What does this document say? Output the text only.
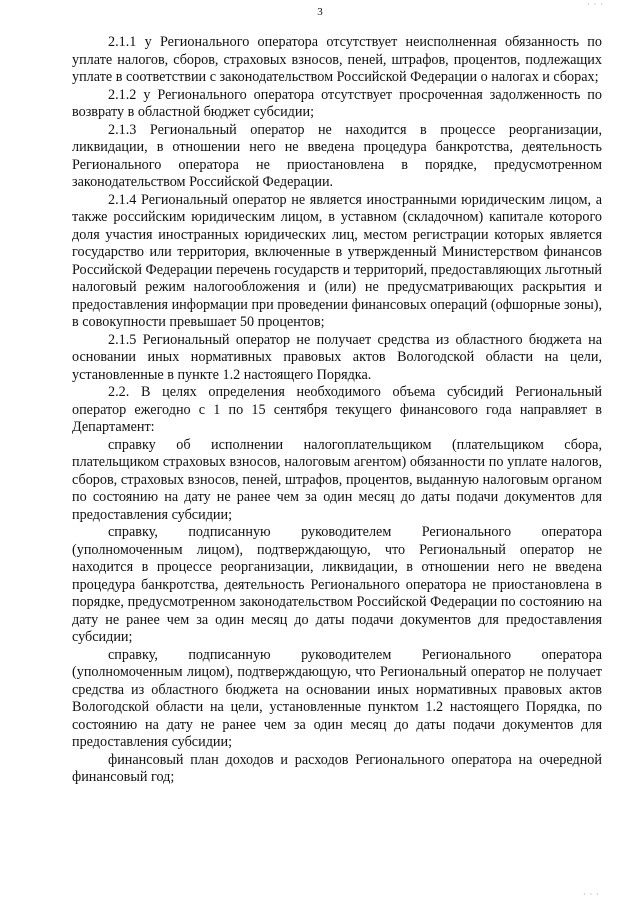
· · ·
3

2.1.1 у Регионального оператора отсутствует неисполненная обязанность по уплате налогов, сборов, страховых взносов, пеней, штрафов, процентов, подлежащих уплате в соответствии с законодательством Российской Федерации о налогах и сборах;

2.1.2 у Регионального оператора отсутствует просроченная задолженность по возврату в областной бюджет субсидии;

2.1.3 Региональный оператор не находится в процессе реорганизации, ликвидации, в отношении него не введена процедура банкротства, деятельность Регионального оператора не приостановлена в порядке, предусмотренном законодательством Российской Федерации.

2.1.4 Региональный оператор не является иностранными юридическим лицом, а также российским юридическим лицом, в уставном (складочном) капитале которого доля участия иностранных юридических лиц, местом регистрации которых является государство или территория, включенные в утвержденный Министерством финансов Российской Федерации перечень государств и территорий, предоставляющих льготный налоговый режим налогообложения и (или) не предусматривающих раскрытия и предоставления информации при проведении финансовых операций (офшорные зоны), в совокупности превышает 50 процентов;

2.1.5 Региональный оператор не получает средства из областного бюджета на основании иных нормативных правовых актов Вологодской области на цели, установленные в пункте 1.2 настоящего Порядка.

2.2. В целях определения необходимого объема субсидий Региональный оператор ежегодно с 1 по 15 сентября текущего финансового года направляет в Департамент:

справку об исполнении налогоплательщиком (плательщиком сбора, плательщиком страховых взносов, налоговым агентом) обязанности по уплате налогов, сборов, страховых взносов, пеней, штрафов, процентов, выданную налоговым органом по состоянию на дату не ранее чем за один месяц до даты подачи документов для предоставления субсидии;

справку, подписанную руководителем Регионального оператора (уполномоченным лицом), подтверждающую, что Региональный оператор не находится в процессе реорганизации, ликвидации, в отношении него не введена процедура банкротства, деятельность Регионального оператора не приостановлена в порядке, предусмотренном законодательством Российской Федерации по состоянию на дату не ранее чем за один месяц до даты подачи документов для предоставления субсидии;

справку, подписанную руководителем Регионального оператора (уполномоченным лицом), подтверждающую, что Региональный оператор не получает средства из областного бюджета на основании иных нормативных правовых актов Вологодской области на цели, установленные пунктом 1.2 настоящего Порядка, по состоянию на дату не ранее чем за один месяц до даты подачи документов для предоставления субсидии;

финансовый план доходов и расходов Регионального оператора на очередной финансовый год;

· · ·
